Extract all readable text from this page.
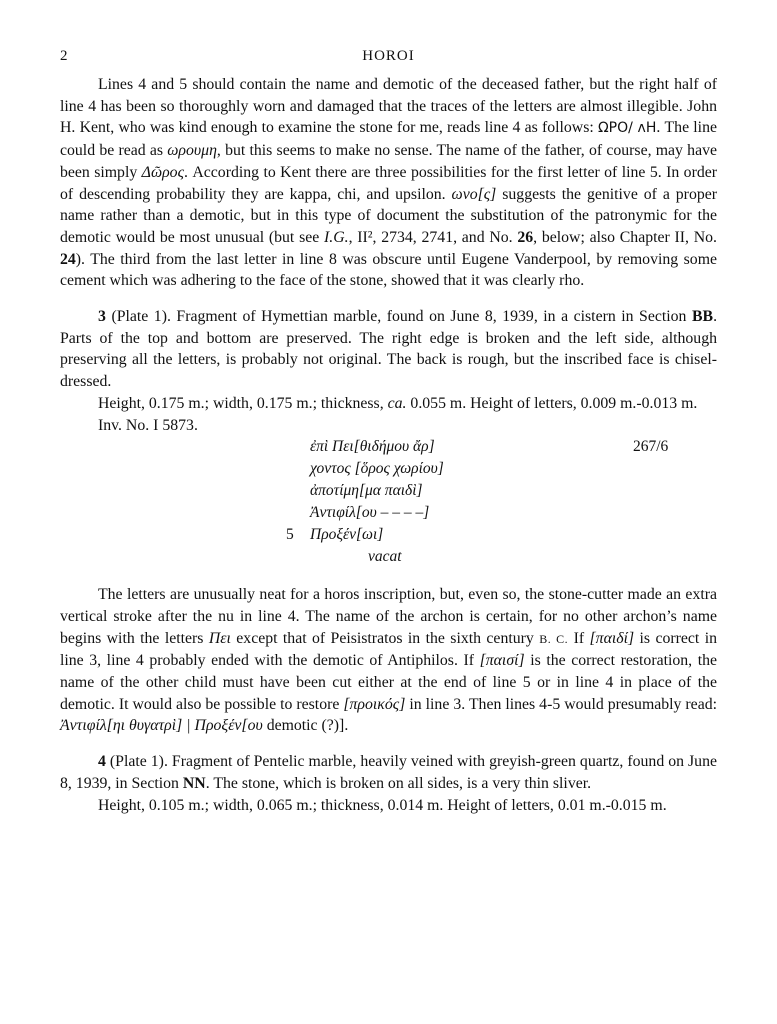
2	HOROI

Lines 4 and 5 should contain the name and demotic of the deceased father, but the right half of line 4 has been so thoroughly worn and damaged that the traces of the letters are almost illegible. John H. Kent, who was kind enough to examine the stone for me, reads line 4 as follows: ΩΡΟ/ ᴧΗ. The line could be read as ωρουμη, but this seems to make no sense. The name of the father, of course, may have been simply Δῶρος. According to Kent there are three possibilities for the first letter of line 5. In order of descending probability they are kappa, chi, and upsilon. ωνο[ς] suggests the genitive of a proper name rather than a demotic, but in this type of document the substitution of the patronymic for the demotic would be most unusual (but see I.G., II², 2734, 2741, and No. 26, below; also Chapter II, No. 24). The third from the last letter in line 8 was obscure until Eugene Vanderpool, by removing some cement which was adhering to the face of the stone, showed that it was clearly rho.

3 (Plate 1). Fragment of Hymettian marble, found on June 8, 1939, in a cistern in Section BB. Parts of the top and bottom are preserved. The right edge is broken and the left side, although preserving all the letters, is probably not original. The back is rough, but the inscribed face is chisel-dressed.

Height, 0.175 m.; width, 0.175 m.; thickness, ca. 0.055 m. Height of letters, 0.009 m.-0.013 m.

Inv. No. I 5873.

ἐπὶ Πει[θιδήμου ἄρ]	267/6
χοντος [ὅρος χωρίου]
ἀποτίμη[μα παιδὶ]
Ἀντιφίλ[ου – – – –]
5 Προξέν[ωι]
vacat

The letters are unusually neat for a horos inscription, but, even so, the stone-cutter made an extra vertical stroke after the nu in line 4. The name of the archon is certain, for no other archon’s name begins with the letters Πει except that of Peisistratos in the sixth century B. C. If [παιδί] is correct in line 3, line 4 probably ended with the demotic of Antiphilos. If [παισί] is the correct restoration, the name of the other child must have been cut either at the end of line 5 or in line 4 in place of the demotic. It would also be possible to restore [προικός] in line 3. Then lines 4-5 would presumably read: Ἀντιφίλ[ηι θυγατρὶ] | Προξέν[ου demotic (?)].

4 (Plate 1). Fragment of Pentelic marble, heavily veined with greyish-green quartz, found on June 8, 1939, in Section NN. The stone, which is broken on all sides, is a very thin sliver.

Height, 0.105 m.; width, 0.065 m.; thickness, 0.014 m. Height of letters, 0.01 m.-0.015 m.
